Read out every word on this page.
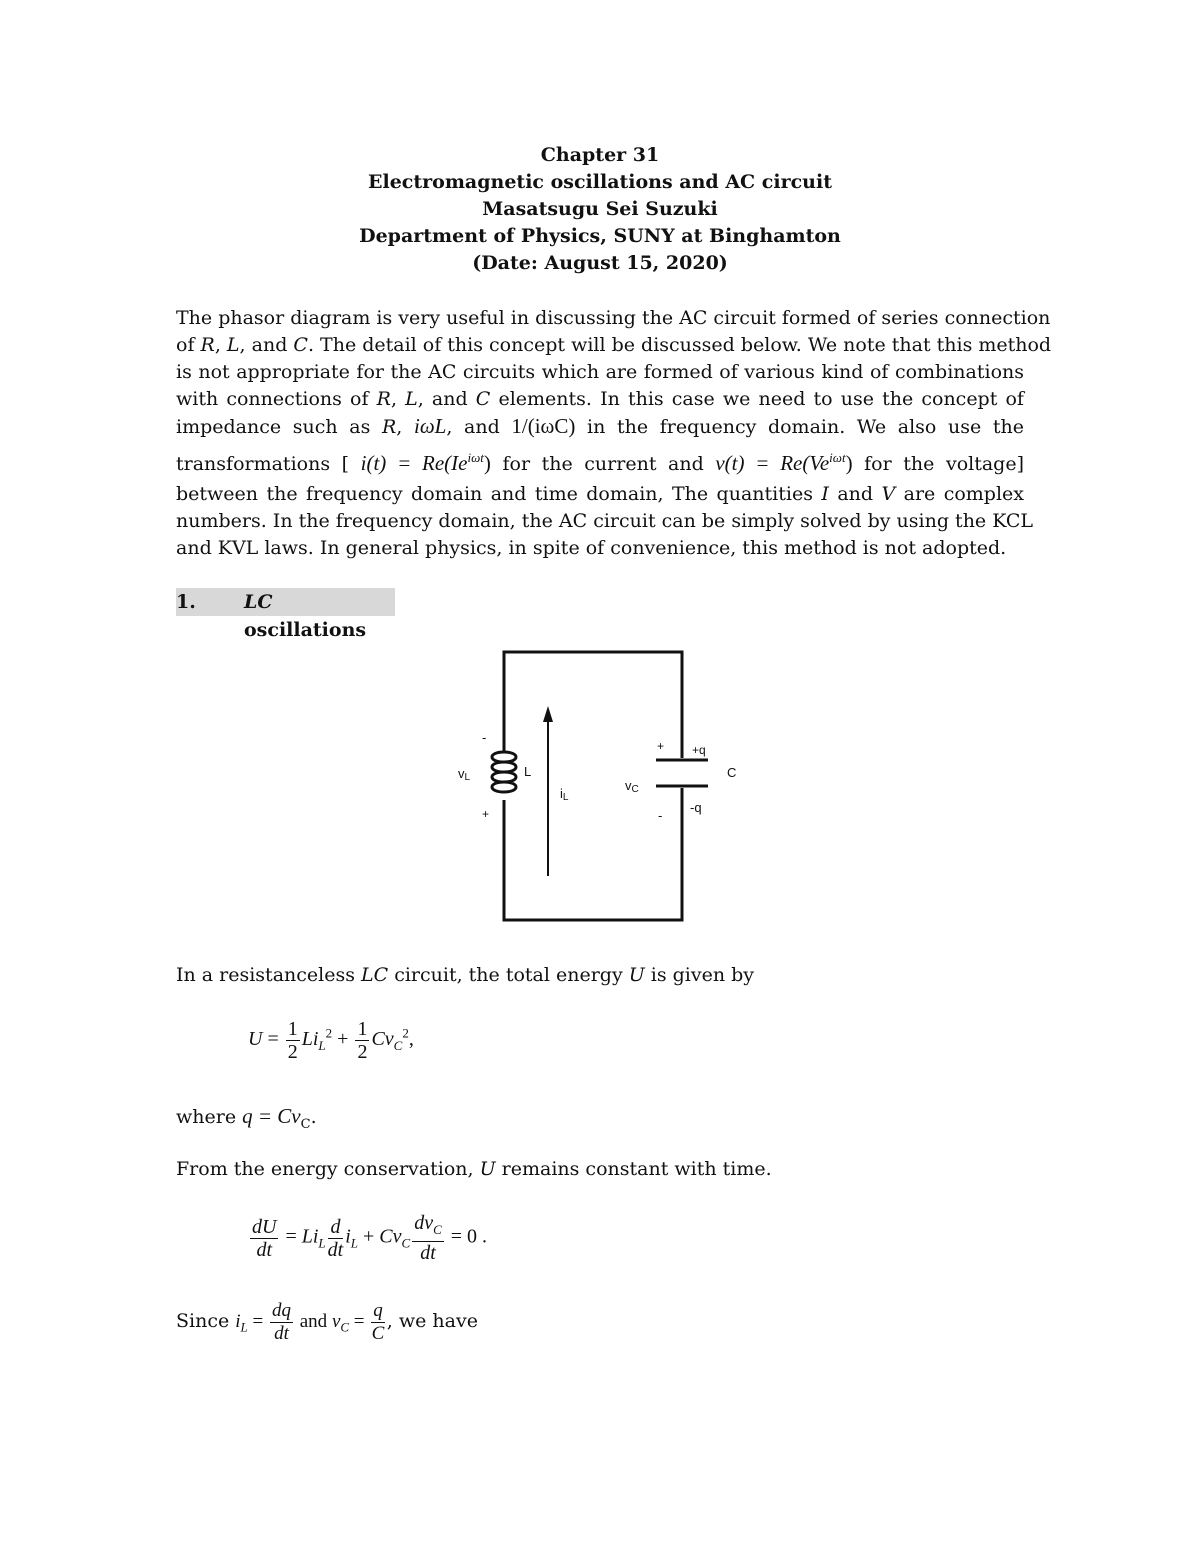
Chapter 31
Electromagnetic oscillations and AC circuit
Masatsugu Sei Suzuki
Department of Physics, SUNY at Binghamton
(Date: August 15, 2020)
The phasor diagram is very useful in discussing the AC circuit formed of series connection
of R, L, and C. The detail of this concept will be discussed below. We note that this method
is not appropriate for the AC circuits which are formed of various kind of combinations
with connections of R, L, and C elements. In this case we need to use the concept of
impedance such as R, iωL, and 1/(iωC) in the frequency domain. We also use the
transformations [ $i(t) = Re(Ie^{i\omega t})$ for the current and $v(t) = Re(Ve^{i\omega t})$ for the voltage]
between the frequency domain and time domain, The quantities I and V are complex
numbers. In the frequency domain, the AC circuit can be simply solved by using the KCL
and KVL laws. In general physics, in spite of convenience, this method is not adopted.
1.	LC oscillations
-
vL	L
+
iL
+ +q
vC
C
-
-q
In a resistanceless LC circuit, the total energy U is given by
$U = \frac{1}{2} Li_L^2 + \frac{1}{2} Cv_C^2$,
where $q = Cv_C$.
From the energy conservation, U remains constant with time.
$\frac{dU}{dt} = Li_L \frac{d}{dt} i_L + Cv_C \frac{dv_C}{dt} = 0$ .
Since $i_L = \frac{dq}{dt}$ and $v_C = \frac{q}{C}$ , we have
